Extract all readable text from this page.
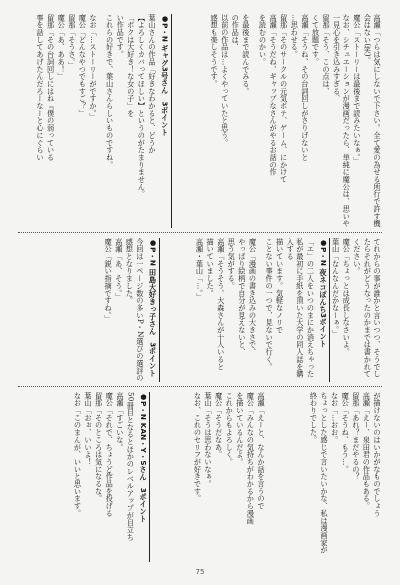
高瀬「つらは気にしないで下さい。全て愛の為せる所行で許す機会はない(笑)。

魔公「ストーリーは最後まで読みたいなぁ。」

なお、シチュエーションが漫画だったら、単純に魔公は、思いや一見心を引き込みすぎる、

留那「そう、この点は、

くて放題です。

高瀬「そうね、その台詞回しがさりげないと

…思わせる。

留那「そのサークルの元気ポテ、ゲーム、にかけて

高瀬「そうだね、ギャップなさんがやるお話の作

を読むのかい。

を最後まで読んでみる。

の作品は、

以前の作品は…よくやっていたと思う。

感想も楽しそうです。

●P・N ギャグ3号さん　3ポイント

葉山さんの作品「好きなわかると、どうか

【よろしくカバってほしい】というのがたまりません。

「ボクは大好き！な女の子」を

い作品です。

これらの好きで、葉山さんらしいものですね。

なお「…ストーリーがですか。」

魔公「どんなやつでもすご？」

留那「そうさ。」

魔公「あ、ああ！」

留那「その台詞回しにはね『僕の弱っている

事を話してあげたんだろーなーと心にぐらい

てれからの事が誰かと言いつつ、そうでしたらそれがどうなったのかまでは書かれて

ください。

魔公「ちょっとは成長しなさいよ。

葉山「なんなんだかなーぁ。」

●P・N 夜ネコぽんち3ボイント

「エ」の二人をいつのまにか消えちゃった

私が最初に手紙を頂いた大学の同人誌を購入する

描いています。気軽なノリで

ことない事件の一つで、見ないで行く。

魔公「漫画の書き込みの大きさで、

やっぱり絵柄で自分が見えないと、

思う気がする。

高瀬「そうそう、大森さんが十人いると

描いていました。

高瀬・葉山「…。」

●P・N 田島大好きっ子さん　3ポイント

今回は一ページ数の多いP・N選びの選評の

感想となりました。

高瀬「あ、そう。」

魔公「鋭い指摘ですね。」

が描けないのはいかがなものでしょう

高瀬「えー、泉田君の作品もある。

留那「あれ？まだやるの？

魔公「そうね、もう…。

なお「…おお。

ちょっとした感じで言いたいかな、私は漫画家が

終わりでした。

高瀬「えーと、なんか話を言うので

魔公「みんなの気持ちがわかるから漫画

を描いているんだよ。

これからもよろしく。

魔公「そうだなあ。

葉山「そうは思わないなぁ。

なお、これのセリフが好きです。

●P・N KAN・Y・Sさん　3ポイント

50冊目となるとほかのレベルアップが目立ち

高瀬「すごいな。

魔公「それで、ちょうど作品を投げる

留那「そのところは気になるな。

葉山「おぉ、いいよ！

なお「このまんが、いいと思います。

75
